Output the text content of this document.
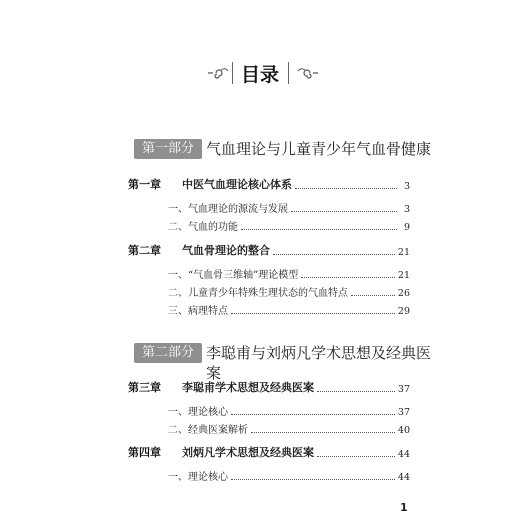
目录
第一部分 气血理论与儿童青少年气血骨健康
第一章	中医气血理论核心体系	3
一、气血理论的源流与发展	3
二、气血的功能	9
第二章	气血骨理论的整合	21
一、“气血骨三维轴”理论模型	21
二、儿童青少年特殊生理状态的气血特点	26
三、病理特点	29
第二部分 李聪甫与刘炳凡学术思想及经典医案
第三章	李聪甫学术思想及经典医案	37
一、理论核心	37
二、经典医案解析	40
第四章	刘炳凡学术思想及经典医案	44
一、理论核心	44
1
